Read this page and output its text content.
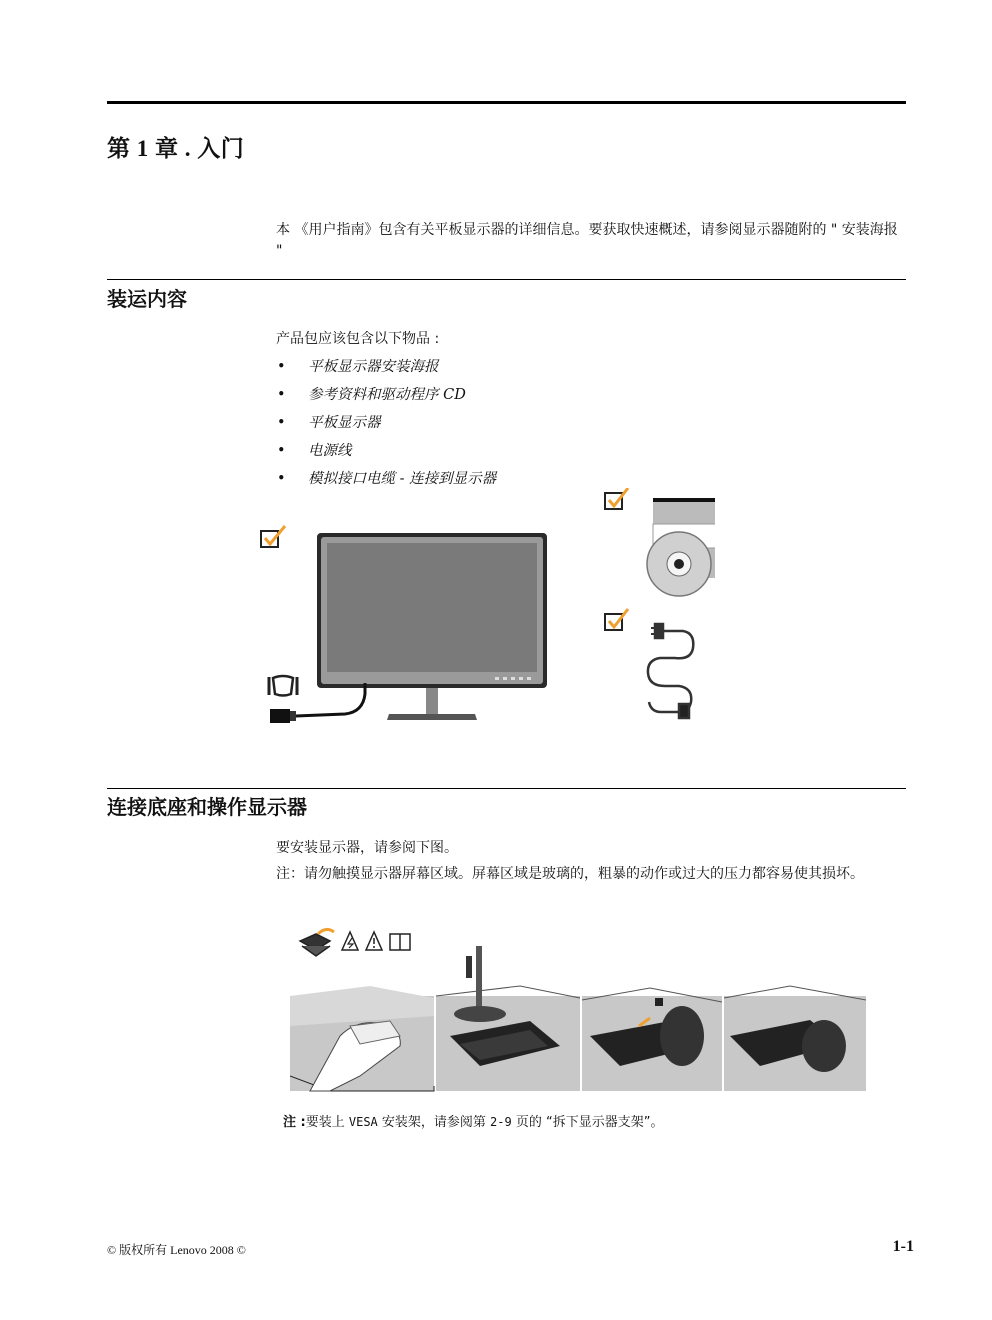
第 1 章 . 入门
本 《用户指南》包含有关平板显示器的详细信息。要获取快速概述，请参阅显示器随附的 " 安装海报 "
装运内容
产品包应该包含以下物品 :
• 平板显示器安装海报
• 参考资料和驱动程序 CD
• 平板显示器
• 电源线
• 模拟接口电缆 - 连接到显示器
连接底座和操作显示器
要安装显示器，请参阅下图。
注：请勿触摸显示器屏幕区域。屏幕区域是玻璃的，粗暴的动作或过大的压力都容易使其损坏。
注 :要装上 VESA 安装架，请参阅第 2-9 页的 “拆下显示器支架”。
© 版权所有 Lenovo 2008 ©	1-1
